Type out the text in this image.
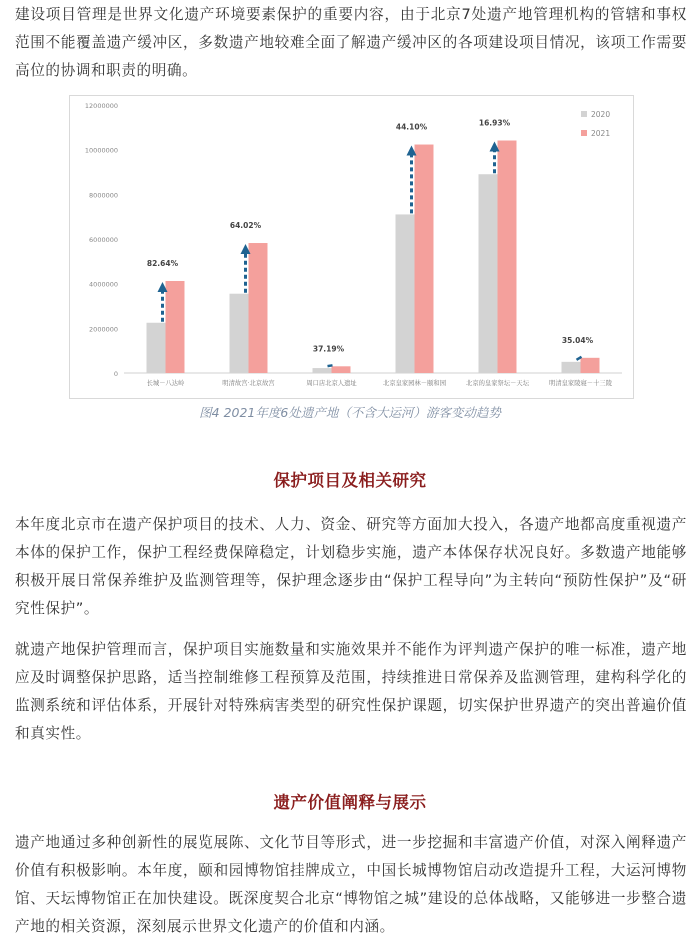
建设项目管理是世界文化遗产环境要素保护的重要内容，由于北京7处遗产地管理机构的管辖和事权范围不能覆盖遗产缓冲区，多数遗产地较难全面了解遗产缓冲区的各项建设项目情况，该项工作需要高位的协调和职责的明确。

0
2000000
4000000
6000000
8000000
10000000
12000000
长城－八达岭
82.64%
明清故宫·北京故宫
64.02%
周口店北京人遗址
37.19%
北京皇家园林－颐和园
44.10%
北京的皇家祭坛－天坛
16.93%
明清皇家陵寝－十三陵
35.04%
2020
2021

图4 2021年度6处遗产地（不含大运河）游客变动趋势

保护项目及相关研究

本年度北京市在遗产保护项目的技术、人力、资金、研究等方面加大投入，各遗产地都高度重视遗产本体的保护工作，保护工程经费保障稳定，计划稳步实施，遗产本体保存状况良好。多数遗产地能够积极开展日常保养维护及监测管理等，保护理念逐步由“保护工程导向”为主转向“预防性保护”及“研究性保护”。

就遗产地保护管理而言，保护项目实施数量和实施效果并不能作为评判遗产保护的唯一标准，遗产地应及时调整保护思路，适当控制维修工程预算及范围，持续推进日常保养及监测管理，建构科学化的监测系统和评估体系，开展针对特殊病害类型的研究性保护课题，切实保护世界遗产的突出普遍价值和真实性。

遗产价值阐释与展示

遗产地通过多种创新性的展览展陈、文化节目等形式，进一步挖掘和丰富遗产价值，对深入阐释遗产价值有积极影响。本年度，颐和园博物馆挂牌成立，中国长城博物馆启动改造提升工程，大运河博物馆、天坛博物馆正在加快建设。既深度契合北京“博物馆之城”建设的总体战略，又能够进一步整合遗产地的相关资源，深刻展示世界文化遗产的价值和内涵。
